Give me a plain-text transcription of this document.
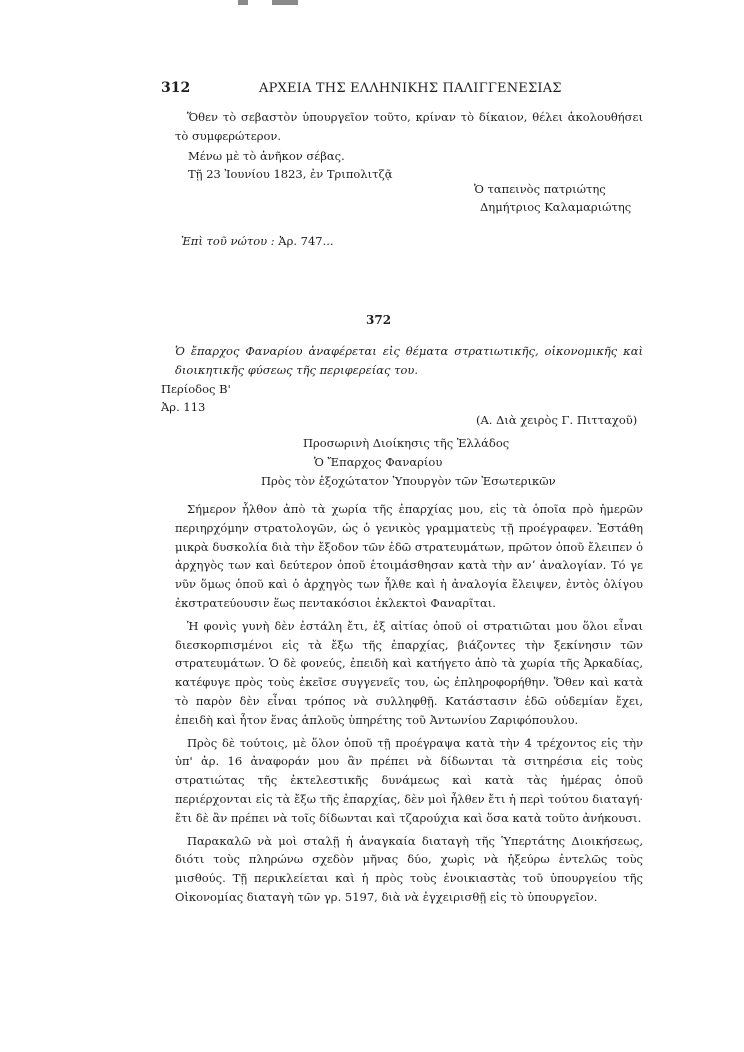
312	ΑΡΧΕΙΑ ΤΗΣ ΕΛΛΗΝΙΚΗΣ ΠΑΛΙΓΓΕΝΕΣΙΑΣ

Ὅθεν τὸ σεβαστὸν ὑπουργεῖον τοῦτο, κρίναν τὸ δίκαιον, θέλει ἀκολουθήσει τὸ συμφερώτερον.

Μένω μὲ τὸ ἀνῆκον σέβας.
Τῇ 23 Ἰουνίου 1823, ἐν Τριπολιτζᾷ
Ὁ ταπεινὸς πατριώτης
Δημήτριος Καλαμαριώτης
Ἐπὶ τοῦ νώτου : Ἀρ. 747...
372
Ὁ ἔπαρχος Φαναρίου ἀναφέρεται εἰς θέματα στρατιωτικῆς, οἰκονομικῆς καὶ διοικητικῆς φύσεως τῆς περιφερείας του.
Περίοδος Β'
Ἀρ. 113
(Α. Διὰ χειρὸς Γ. Πιτταχοῦ)
Προσωρινὴ Διοίκησις τῆς Ἑλλάδος
Ὁ Ἔπαρχος Φαναρίου
Πρὸς τὸν ἐξοχώτατον Ὑπουργὸν τῶν Ἐσωτερικῶν

Σήμερον ἦλθον ἀπὸ τὰ χωρία τῆς ἐπαρχίας μου, εἰς τὰ ὁποῖα πρὸ ἡμερῶν περιηρχόμην στρατολογῶν, ὡς ὁ γενικὸς γραμματεὺς τῇ προέγραφεν. Ἐστάθη μικρὰ δυσκολία διὰ τὴν ἔξοδον τῶν ἐδῶ στρατευμάτων, πρῶτον ὁποῦ ἔλειπεν ὁ ἀρχηγὸς των καὶ δεύτερον ὁποῦ ἑτοιμάσθησαν κατὰ τὴν ανʼ ἀναλογίαν. Τό γε νῦν ὅμως ὁποῦ καὶ ὁ ἀρχηγὸς των ἦλθε καὶ ἡ ἀναλογία ἔλειψεν, ἐντὸς ὀλίγου ἐκστρατεύουσιν ἕως πεντακόσιοι ἐκλεκτοὶ Φαναρῖται.

Ἡ φονὶς γυνὴ δὲν ἐστάλη ἔτι, ἐξ αἰτίας ὁποῦ οἱ στρατιῶται μου ὅλοι εἶναι διεσκορπισμένοι εἰς τὰ ἔξω τῆς ἐπαρχίας, βιάζοντες τὴν ξεκίνησιν τῶν στρατευμάτων. Ὁ δὲ φονεύς, ἐπειδὴ καὶ κατήγετο ἀπὸ τὰ χωρία τῆς Ἀρκαδίας, κατέφυγε πρὸς τοὺς ἐκεῖσε συγγενεῖς του, ὡς ἐπληροφορήθην. Ὅθεν καὶ κατὰ τὸ παρὸν δὲν εἶναι τρόπος νὰ συλληφθῇ. Κατάστασιν ἐδῶ οὐδεμίαν ἔχει, ἐπειδὴ καὶ ἦτον ἕνας ἁπλοῦς ὑπηρέτης τοῦ Ἀντωνίου Ζαριφόπουλου.

Πρὸς δὲ τούτοις, μὲ ὅλον ὁποῦ τῇ προέγραψα κατὰ τὴν 4 τρέχοντος εἰς τὴν ὑπ' ἀρ. 16 ἀναφοράν μου ἂν πρέπει νὰ δίδωνται τὰ σιτηρέσια εἰς τοὺς στρατιώτας τῆς ἐκτελεστικῆς δυνάμεως καὶ κατὰ τὰς ἡμέρας ὁποῦ περιέρχονται εἰς τὰ ἔξω τῆς ἐπαρχίας, δὲν μοὶ ἦλθεν ἔτι ἡ περὶ τούτου διαταγή· ἔτι δὲ ἂν πρέπει νὰ τοῖς δίδωνται καὶ τζαρούχια καὶ ὅσα κατὰ τοῦτο ἀνήκουσι.

Παρακαλῶ νὰ μοὶ σταλῇ ἡ ἀναγκαία διαταγὴ τῆς Ὑπερτάτης Διοικήσεως, διότι τοὺς πληρώνω σχεδὸν μῆνας δύο, χωρὶς νὰ ἠξεύρω ἐντελῶς τοὺς μισθούς. Τῇ περικλείεται καὶ ἡ πρὸς τοὺς ἐνοικιαστὰς τοῦ ὑπουργείου τῆς Οἰκονομίας διαταγὴ τῶν γρ. 5197, διὰ νὰ ἐγχειρισθῇ εἰς τὸ ὑπουργεῖον.
